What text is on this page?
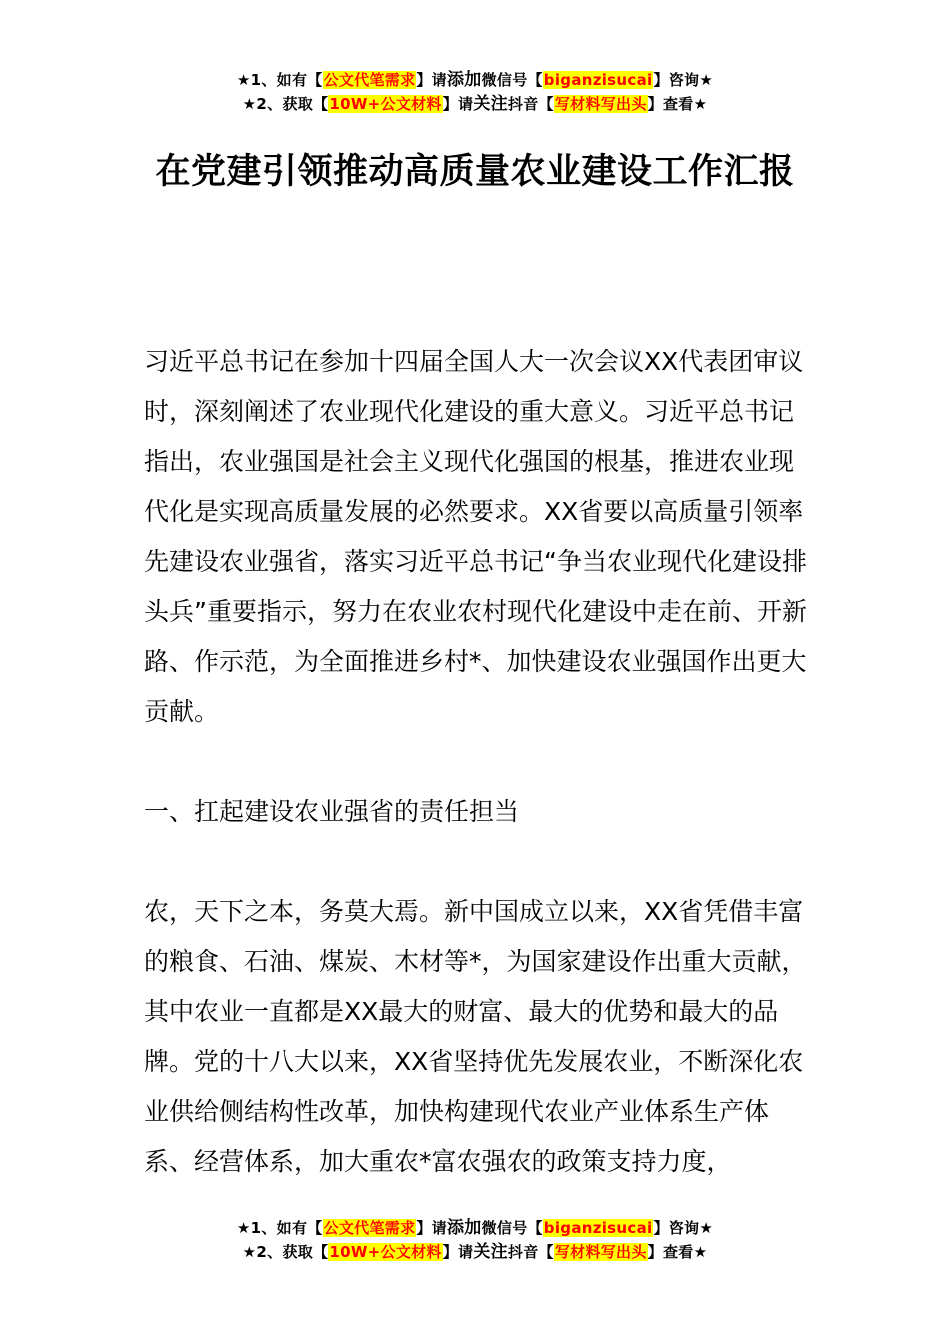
★1、如有【公文代笔需求】请添加微信号【biganzisucai】咨询★
★2、获取【10W+公文材料】请关注抖音【写材料写出头】查看★
在党建引领推动高质量农业建设工作汇报

习近平总书记在参加十四届全国人大一次会议XX代表团审议时，深刻阐述了农业现代化建设的重大意义。习近平总书记指出，农业强国是社会主义现代化强国的根基，推进农业现代化是实现高质量发展的必然要求。XX省要以高质量引领率先建设农业强省，落实习近平总书记“争当农业现代化建设排头兵”重要指示，努力在农业农村现代化建设中走在前、开新路、作示范，为全面推进乡村*、加快建设农业强国作出更大贡献。

一、扛起建设农业强省的责任担当

农，天下之本，务莫大焉。新中国成立以来，XX省凭借丰富的粮食、石油、煤炭、木材等*，为国家建设作出重大贡献，其中农业一直都是XX最大的财富、最大的优势和最大的品牌。党的十八大以来，XX省坚持优先发展农业，不断深化农业供给侧结构性改革，加快构建现代农业产业体系生产体系、经营体系，加大重农*富农强农的政策支持力度，

★1、如有【公文代笔需求】请添加微信号【biganzisucai】咨询★
★2、获取【10W+公文材料】请关注抖音【写材料写出头】查看★
